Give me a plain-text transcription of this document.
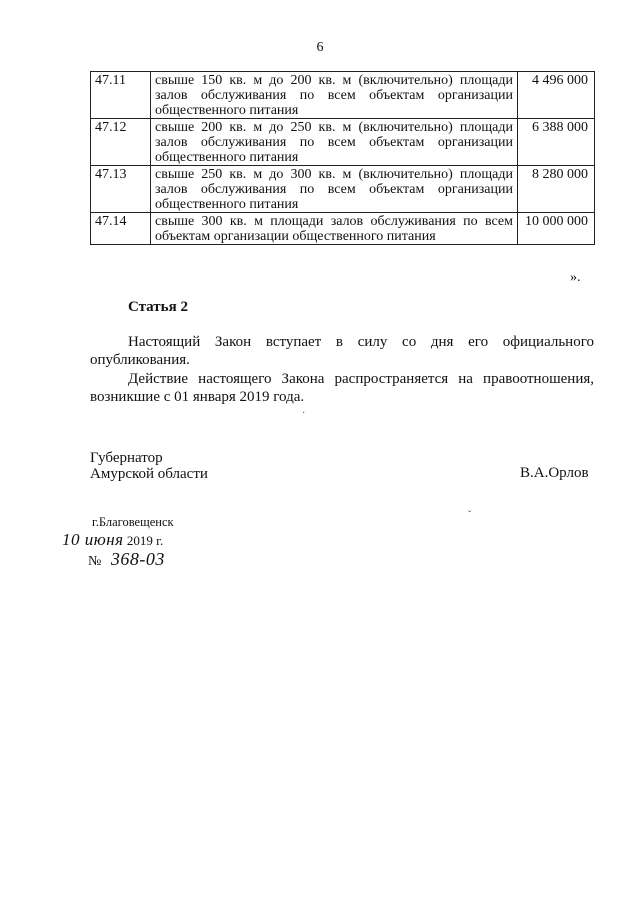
6
47.11	свыше 150 кв. м до 200 кв. м (включительно) площади залов обслуживания по всем объектам организации общественного питания	4 496 000
47.12	свыше 200 кв. м до 250 кв. м (включительно) площади залов обслуживания по всем объектам организации общественного питания	6 388 000
47.13	свыше 250 кв. м до 300 кв. м (включительно) площади залов обслуживания по всем объектам организации общественного питания	8 280 000
47.14	свыше 300 кв. м площади залов обслуживания по всем объектам организации общественного питания	10 000 000
».
Статья 2
Настоящий Закон вступает в силу со дня его официального опубликования.
Действие настоящего Закона распространяется на правоотношения, возникшие с 01 января 2019 года.
Губернатор
Амурской области	В.А.Орлов
г.Благовещенск
10 июня 2019 г.
№ 368-03
·
ˇ
